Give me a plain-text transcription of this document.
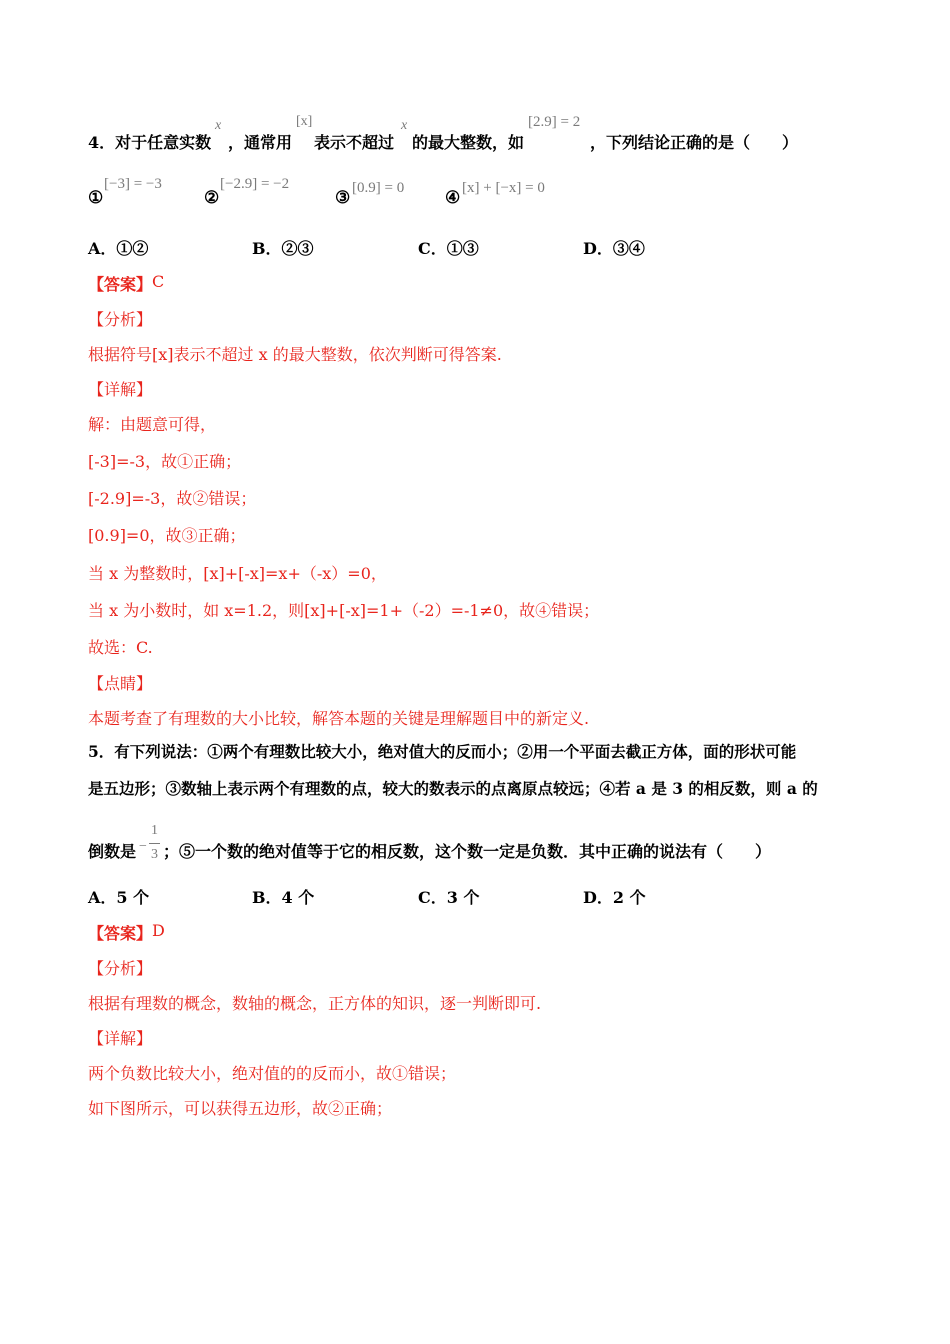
4．对于任意实数
x
，通常用
[x]
表示不超过
x
的最大整数，如
[2.9] = 2
，下列结论正确的是（　　）
①
[−3] = −3
②
[−2.9] = −2
③ [0.9] = 0 ④ [x] + [−x] = 0
A．①②	B．②③	C．①③	D．③④
【答案】 C
【分析】
根据符号[x]表示不超过 x 的最大整数，依次判断可得答案.
【详解】
解：由题意可得，
[-3]=-3，故①正确；
[-2.9]=-3，故②错误；
[0.9]=0，故③正确；
当 x 为整数时，[x]+[-x]=x+（-x）=0，
当 x 为小数时，如 x=1.2，则[x]+[-x]=1+（-2）=-1≠0，故④错误；
故选：C.
【点睛】
本题考查了有理数的大小比较，解答本题的关键是理解题目中的新定义.
5．有下列说法：①两个有理数比较大小，绝对值大的反而小；②用一个平面去截正方体，面的形状可能
是五边形；③数轴上表示两个有理数的点，较大的数表示的点离原点较远；④若 a 是 3 的相反数，则 a 的
倒数是 −
1
3 ；⑤一个数的绝对值等于它的相反数，这个数一定是负数．其中正确的说法有（　　）
A．5 个	B．4 个	C．3 个	D．2 个
【答案】 D
【分析】
根据有理数的概念，数轴的概念，正方体的知识，逐一判断即可.
【详解】
两个负数比较大小，绝对值的的反而小，故①错误；
如下图所示，可以获得五边形，故②正确；
